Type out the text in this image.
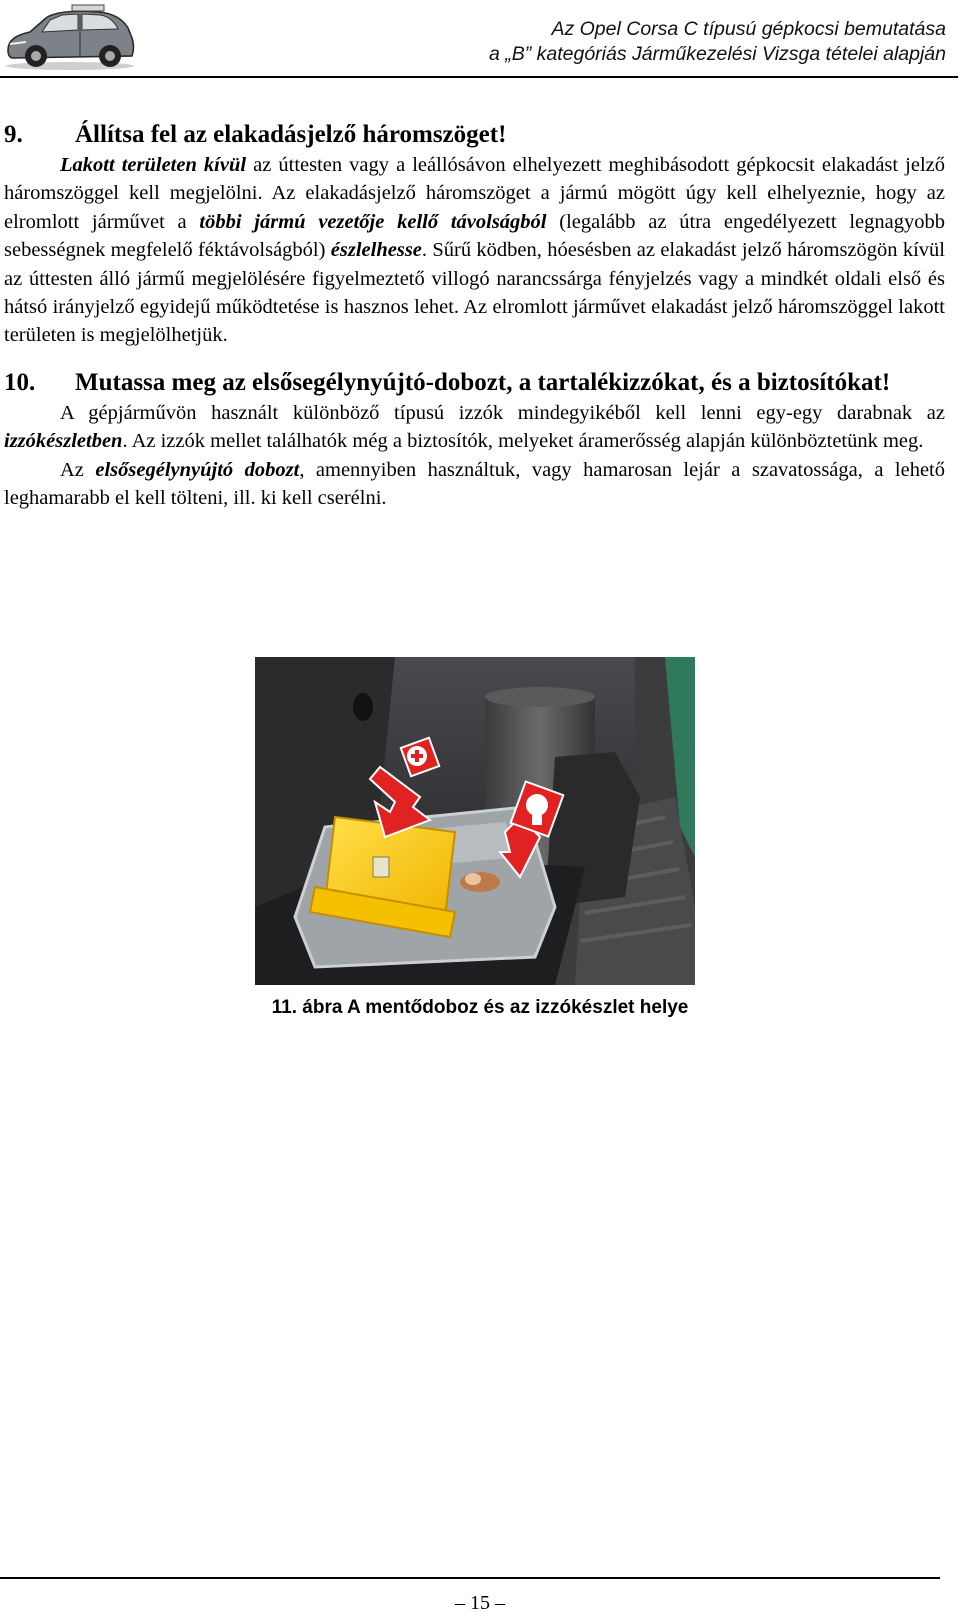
Az Opel Corsa C típusú gépkocsi bemutatása
a „B” kategóriás Járműkezelési Vizsga tételei alapján
9. Állítsa fel az elakadásjelző háromszöget!

Lakott területen kívül az úttesten vagy a leállósávon elhelyezett meghibásodott gépkocsit elakadást jelző háromszöggel kell megjelölni. Az elakadásjelző háromszöget a jármú mögött úgy kell elhelyeznie, hogy az elromlott járművet a többi jármú vezetője kellő távolságból (legalább az útra engedélyezett legnagyobb sebességnek megfelelő féktávolságból) észlelhesse. Sűrű ködben, hóesésben az elakadást jelző háromszögön kívül az úttesten álló jármű megjelölésére figyelmeztető villogó narancssárga fényjelzés vagy a mindkét oldali első és hátsó irányjelző egyidejű működtetése is hasznos lehet. Az elromlott járművet elakadást jelző háromszöggel lakott területen is megjelölhetjük.

10. Mutassa meg az elsősegélynyújtó-dobozt, a tartalékizzókat, és a biztosítókat!

A gépjárművön használt különböző típusú izzók mindegyikéből kell lenni egy-egy darabnak az izzókészletben. Az izzók mellet találhatók még a biztosítók, melyeket áramerősség alapján különböztetünk meg.

Az elsősegélynyújtó dobozt, amennyiben használtuk, vagy hamarosan lejár a szavatossága, a lehető leghamarabb el kell tölteni, ill. ki kell cserélni.

11. ábra A mentődoboz és az izzókészlet helye
– 15 –
